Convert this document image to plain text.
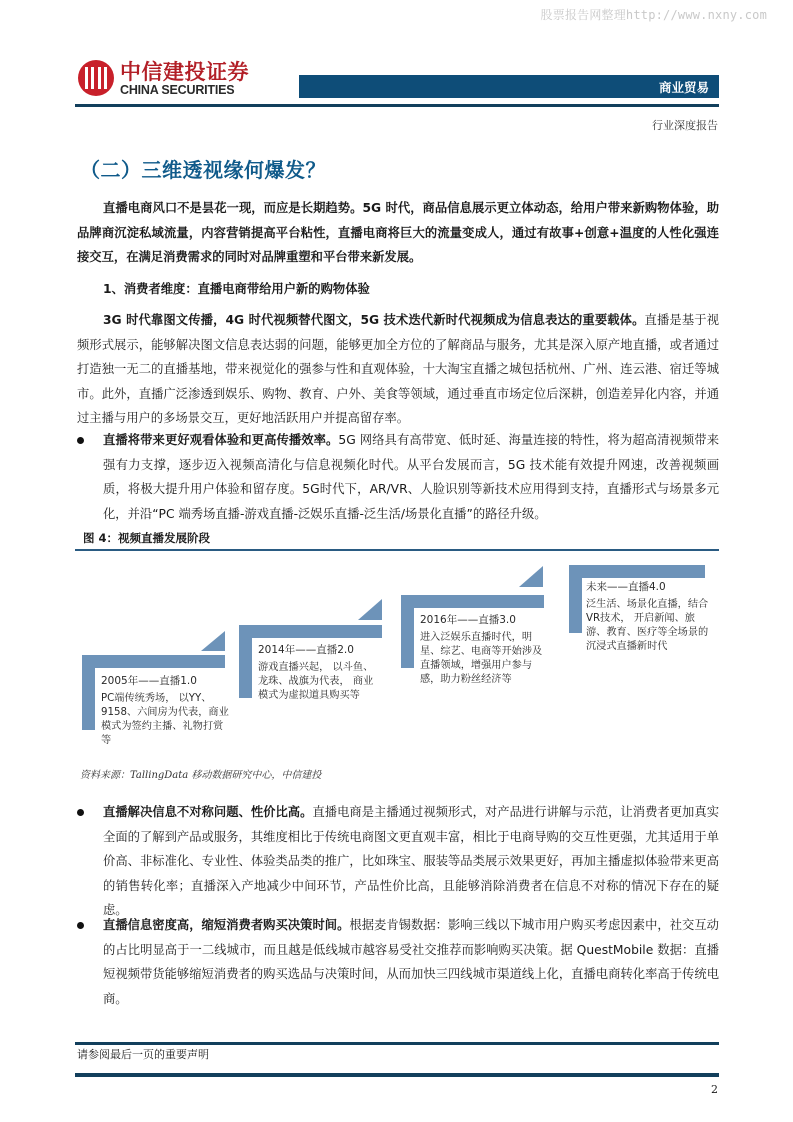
股票报告网整理http://www.nxny.com
中信建投证券
CHINA SECURITIES	商业贸易
行业深度报告
（二）三维透视缘何爆发？
直播电商风口不是昙花一现，而应是长期趋势。5G 时代，商品信息展示更立体动态，给用户带来新购物体验，助品牌商沉淀私域流量，内容营销提高平台粘性，直播电商将巨大的流量变成人，通过有故事+创意+温度的人性化强连接交互，在满足消费需求的同时对品牌重塑和平台带来新发展。
1、消费者维度：直播电商带给用户新的购物体验
3G 时代靠图文传播，4G 时代视频替代图文，5G 技术迭代新时代视频成为信息表达的重要载体。直播是基于视频形式展示，能够解决图文信息表达弱的问题，能够更加全方位的了解商品与服务，尤其是深入原产地直播，或者通过打造独一无二的直播基地，带来视觉化的强参与性和直观体验，十大淘宝直播之城包括杭州、广州、连云港、宿迁等城市。此外，直播广泛渗透到娱乐、购物、教育、户外、美食等领域，通过垂直市场定位后深耕，创造差异化内容，并通过主播与用户的多场景交互，更好地活跃用户并提高留存率。
直播将带来更好观看体验和更高传播效率。5G 网络具有高带宽、低时延、海量连接的特性，将为超高清视频带来强有力支撑，逐步迈入视频高清化与信息视频化时代。从平台发展而言，5G 技术能有效提升网速，改善视频画质，将极大提升用户体验和留存度。5G时代下，AR/VR、人脸识别等新技术应用得到支持，直播形式与场景多元化，并沿“PC 端秀场直播-游戏直播-泛娱乐直播-泛生活/场景化直播”的路径升级。
图 4：视频直播发展阶段
2005年——直播1.0
PC端传统秀场， 以YY、9158、六间房为代表，商业模式为签约主播、礼物打赏等
2014年——直播2.0
游戏直播兴起， 以斗鱼、龙珠、战旗为代表， 商业模式为虚拟道具购买等
2016年——直播3.0
进入泛娱乐直播时代，明星、综艺、电商等开始涉及直播领域，增强用户参与感，助力粉丝经济等
未来——直播4.0
泛生活、场景化直播，结合VR技术， 开启新闻、旅游、教育、医疗等全场景的沉浸式直播新时代
资料来源：TallingData 移动数据研究中心，中信建投
直播解决信息不对称问题、性价比高。直播电商是主播通过视频形式，对产品进行讲解与示范，让消费者更加真实全面的了解到产品或服务，其维度相比于传统电商图文更直观丰富，相比于电商导购的交互性更强，尤其适用于单价高、非标准化、专业性、体验类品类的推广，比如珠宝、服装等品类展示效果更好，再加主播虚拟体验带来更高的销售转化率；直播深入产地减少中间环节，产品性价比高，且能够消除消费者在信息不对称的情况下存在的疑虑。
直播信息密度高，缩短消费者购买决策时间。根据麦肯锡数据：影响三线以下城市用户购买考虑因素中，社交互动的占比明显高于一二线城市，而且越是低线城市越容易受社交推荐而影响购买决策。据 QuestMobile 数据：直播短视频带货能够缩短消费者的购买选品与决策时间，从而加快三四线城市渠道线上化，直播电商转化率高于传统电商。
请参阅最后一页的重要声明
2
